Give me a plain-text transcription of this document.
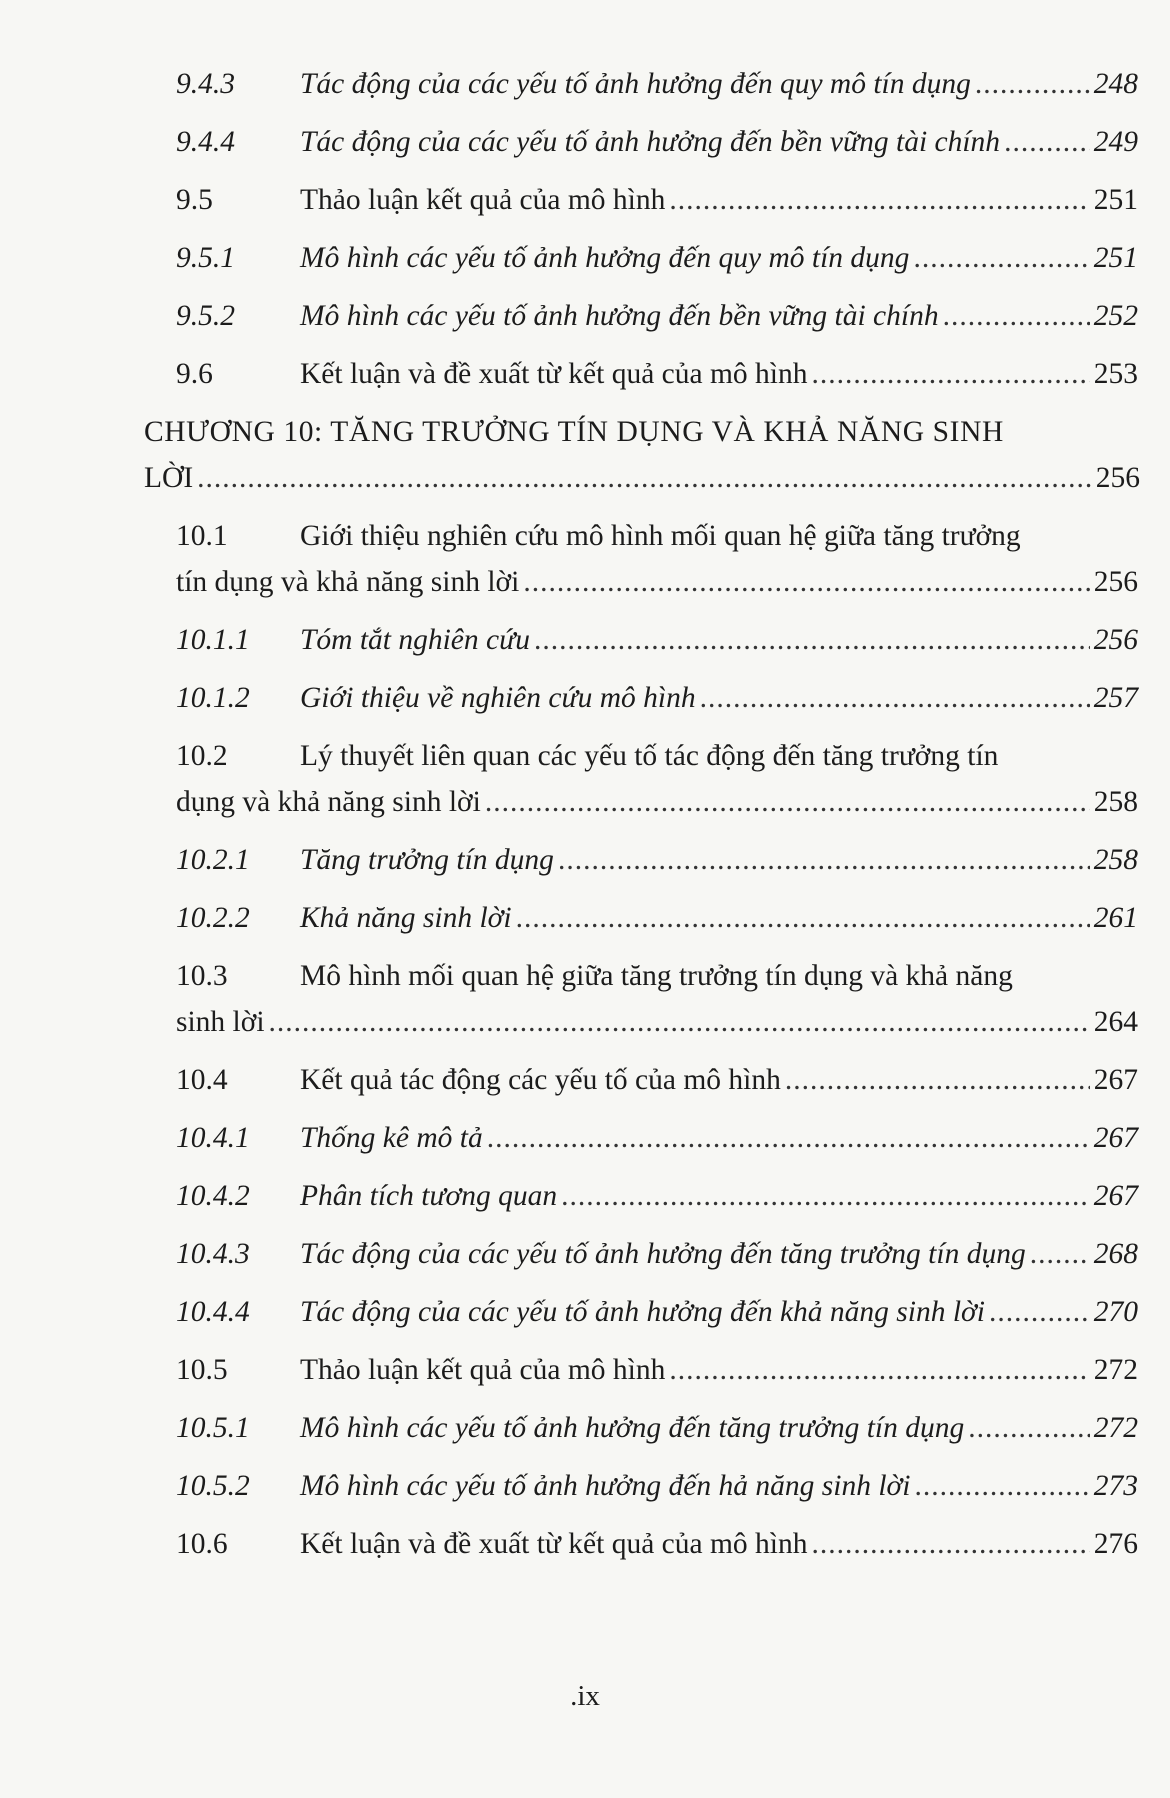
9.4.3	Tác động của các yếu tố ảnh hưởng đến quy mô tín dụng .....	248
9.4.4	Tác động của các yếu tố ảnh hưởng đến bền vững tài chính .....	249
9.5	Thảo luận kết quả của mô hình .....	251
9.5.1	Mô hình các yếu tố ảnh hưởng đến quy mô tín dụng .....	251
9.5.2	Mô hình các yếu tố ảnh hưởng đến bền vững tài chính .....	252
9.6	Kết luận và đề xuất từ kết quả của mô hình .....	253
CHƯƠNG 10: TĂNG TRƯỞNG TÍN DỤNG VÀ KHẢ NĂNG SINH
LỜI .....	256
10.1	Giới thiệu nghiên cứu mô hình mối quan hệ giữa tăng trưởng
tín dụng và khả năng sinh lời .....	256
10.1.1	Tóm tắt nghiên cứu .....	256
10.1.2	Giới thiệu về nghiên cứu mô hình .....	257
10.2	Lý thuyết liên quan các yếu tố tác động đến tăng trưởng tín
dụng và khả năng sinh lời .....	258
10.2.1	Tăng trưởng tín dụng .....	258
10.2.2	Khả năng sinh lời .....	261
10.3	Mô hình mối quan hệ giữa tăng trưởng tín dụng và khả năng
sinh lời .....	264
10.4	Kết quả tác động các yếu tố của mô hình .....	267
10.4.1	Thống kê mô tả .....	267
10.4.2	Phân tích tương quan .....	267
10.4.3	Tác động của các yếu tố ảnh hưởng đến tăng trưởng tín dụng ..... 268
10.4.4	Tác động của các yếu tố ảnh hưởng đến khả năng sinh lời .....	270
10.5	Thảo luận kết quả của mô hình .....	272
10.5.1	Mô hình các yếu tố ảnh hưởng đến tăng trưởng tín dụng .....	272
10.5.2	Mô hình các yếu tố ảnh hưởng đến hả năng sinh lời .....	273
10.6	Kết luận và đề xuất từ kết quả của mô hình .....	276
.ix
